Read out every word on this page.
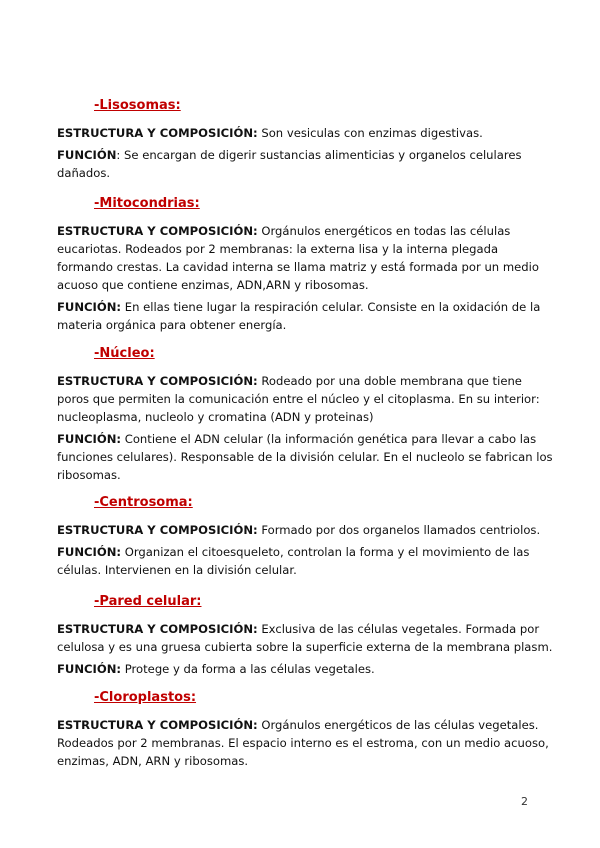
-Lisosomas:

ESTRUCTURA Y COMPOSICIÓN: Son vesiculas con enzimas digestivas.

FUNCIÓN: Se encargan de digerir sustancias alimenticias y organelos celulares dañados.

-Mitocondrias:

ESTRUCTURA Y COMPOSICIÓN: Orgánulos energéticos en todas las células eucariotas. Rodeados por 2 membranas: la externa lisa y la interna plegada formando crestas. La cavidad interna se llama matriz y está formada por un medio acuoso que contiene enzimas, ADN,ARN y ribosomas.

FUNCIÓN: En ellas tiene lugar la respiración celular. Consiste en la oxidación de la materia orgánica para obtener energía.

-Núcleo:

ESTRUCTURA Y COMPOSICIÓN: Rodeado por una doble membrana que tiene poros que permiten la comunicación entre el núcleo y el citoplasma. En su interior: nucleoplasma, nucleolo y cromatina (ADN y proteinas)

FUNCIÓN: Contiene el ADN celular (la información genética para llevar a cabo las funciones celulares). Responsable de la división celular. En el nucleolo se fabrican los ribosomas.

-Centrosoma:

ESTRUCTURA Y COMPOSICIÓN: Formado por dos organelos llamados centriolos.

FUNCIÓN: Organizan el citoesqueleto, controlan la forma y el movimiento de las células. Intervienen en la división celular.

-Pared celular:

ESTRUCTURA Y COMPOSICIÓN: Exclusiva de las células vegetales. Formada por celulosa y es una gruesa cubierta sobre la superficie externa de la membrana plasm.

FUNCIÓN: Protege y da forma a las células vegetales.

-Cloroplastos:

ESTRUCTURA Y COMPOSICIÓN: Orgánulos energéticos de las células vegetales. Rodeados por 2 membranas. El espacio interno es el estroma, con un medio acuoso, enzimas, ADN, ARN y ribosomas.

2
